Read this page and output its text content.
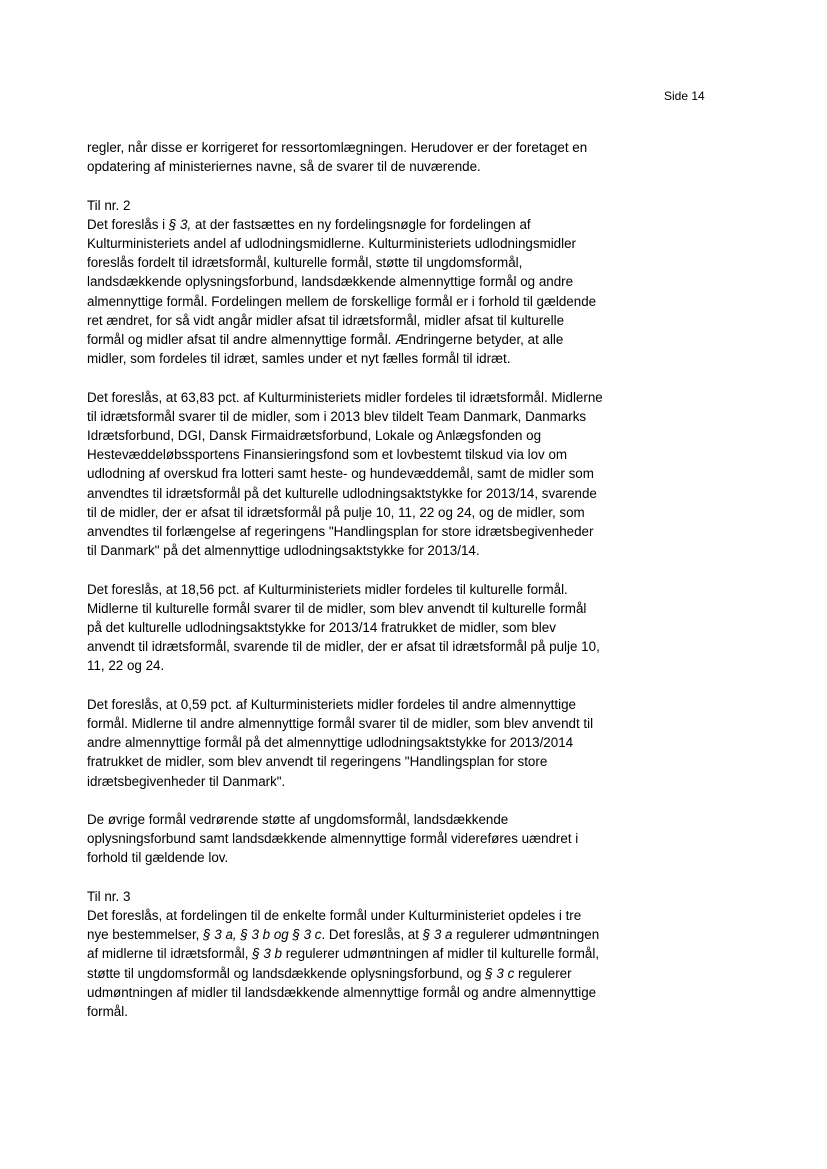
Side 14
regler, når disse er korrigeret for ressortomlægningen. Herudover er der foretaget en
opdatering af ministeriernes navne, så de svarer til de nuværende.
Til nr. 2
Det foreslås i § 3, at der fastsættes en ny fordelingsnøgle for fordelingen af
Kulturministeriets andel af udlodningsmidlerne. Kulturministeriets udlodningsmidler
foreslås fordelt til idrætsformål, kulturelle formål, støtte til ungdomsformål,
landsdækkende oplysningsforbund, landsdækkende almennyttige formål og andre
almennyttige formål. Fordelingen mellem de forskellige formål er i forhold til gældende
ret ændret, for så vidt angår midler afsat til idrætsformål, midler afsat til kulturelle
formål og midler afsat til andre almennyttige formål. Ændringerne betyder, at alle
midler, som fordeles til idræt, samles under et nyt fælles formål til idræt.
Det foreslås, at 63,83 pct. af Kulturministeriets midler fordeles til idrætsformål. Midlerne
til idrætsformål svarer til de midler, som i 2013 blev tildelt Team Danmark, Danmarks
Idrætsforbund, DGI, Dansk Firmaidrætsforbund, Lokale og Anlægsfonden og
Hestevæddeløbssportens Finansieringsfond som et lovbestemt tilskud via lov om
udlodning af overskud fra lotteri samt heste- og hundevæddemål, samt de midler som
anvendtes til idrætsformål på det kulturelle udlodningsaktstykke for 2013/14, svarende
til de midler, der er afsat til idrætsformål på pulje 10, 11, 22 og 24, og de midler, som
anvendtes til forlængelse af regeringens "Handlingsplan for store idrætsbegivenheder
til Danmark" på det almennyttige udlodningsaktstykke for 2013/14.
Det foreslås, at 18,56 pct. af Kulturministeriets midler fordeles til kulturelle formål.
Midlerne til kulturelle formål svarer til de midler, som blev anvendt til kulturelle formål
på det kulturelle udlodningsaktstykke for 2013/14 fratrukket de midler, som blev
anvendt til idrætsformål, svarende til de midler, der er afsat til idrætsformål på pulje 10,
11, 22 og 24.
Det foreslås, at 0,59 pct. af Kulturministeriets midler fordeles til andre almennyttige
formål. Midlerne til andre almennyttige formål svarer til de midler, som blev anvendt til
andre almennyttige formål på det almennyttige udlodningsaktstykke for 2013/2014
fratrukket de midler, som blev anvendt til regeringens "Handlingsplan for store
idrætsbegivenheder til Danmark".
De øvrige formål vedrørende støtte af ungdomsformål, landsdækkende
oplysningsforbund samt landsdækkende almennyttige formål videreføres uændret i
forhold til gældende lov.
Til nr. 3
Det foreslås, at fordelingen til de enkelte formål under Kulturministeriet opdeles i tre
nye bestemmelser, § 3 a, § 3 b og § 3 c. Det foreslås, at § 3 a regulerer udmøntningen
af midlerne til idrætsformål, § 3 b regulerer udmøntningen af midler til kulturelle formål,
støtte til ungdomsformål og landsdækkende oplysningsforbund, og § 3 c regulerer
udmøntningen af midler til landsdækkende almennyttige formål og andre almennyttige
formål.
